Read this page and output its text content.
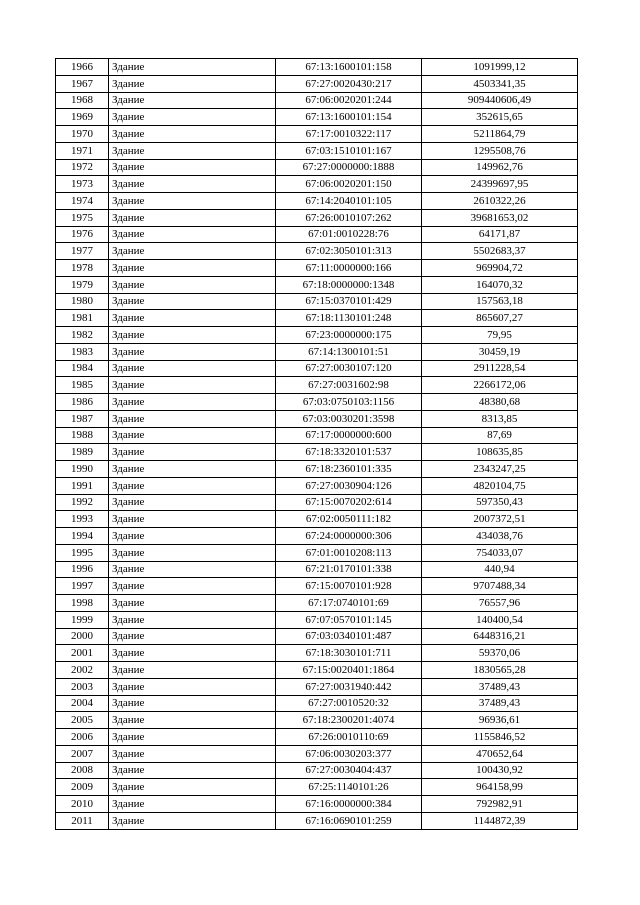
1966	Здание	67:13:1600101:158	1091999,12
1967	Здание	67:27:0020430:217	4503341,35
1968	Здание	67:06:0020201:244	909440606,49
1969	Здание	67:13:1600101:154	352615,65
1970	Здание	67:17:0010322:117	5211864,79
1971	Здание	67:03:1510101:167	1295508,76
1972	Здание	67:27:0000000:1888	149962,76
1973	Здание	67:06:0020201:150	24399697,95
1974	Здание	67:14:2040101:105	2610322,26
1975	Здание	67:26:0010107:262	39681653,02
1976	Здание	67:01:0010228:76	64171,87
1977	Здание	67:02:3050101:313	5502683,37
1978	Здание	67:11:0000000:166	969904,72
1979	Здание	67:18:0000000:1348	164070,32
1980	Здание	67:15:0370101:429	157563,18
1981	Здание	67:18:1130101:248	865607,27
1982	Здание	67:23:0000000:175	79,95
1983	Здание	67:14:1300101:51	30459,19
1984	Здание	67:27:0030107:120	2911228,54
1985	Здание	67:27:0031602:98	2266172,06
1986	Здание	67:03:0750103:1156	48380,68
1987	Здание	67:03:0030201:3598	8313,85
1988	Здание	67:17:0000000:600	87,69
1989	Здание	67:18:3320101:537	108635,85
1990	Здание	67:18:2360101:335	2343247,25
1991	Здание	67:27:0030904:126	4820104,75
1992	Здание	67:15:0070202:614	597350,43
1993	Здание	67:02:0050111:182	2007372,51
1994	Здание	67:24:0000000:306	434038,76
1995	Здание	67:01:0010208:113	754033,07
1996	Здание	67:21:0170101:338	440,94
1997	Здание	67:15:0070101:928	9707488,34
1998	Здание	67:17:0740101:69	76557,96
1999	Здание	67:07:0570101:145	140400,54
2000	Здание	67:03:0340101:487	6448316,21
2001	Здание	67:18:3030101:711	59370,06
2002	Здание	67:15:0020401:1864	1830565,28
2003	Здание	67:27:0031940:442	37489,43
2004	Здание	67:27:0010520:32	37489,43
2005	Здание	67:18:2300201:4074	96936,61
2006	Здание	67:26:0010110:69	1155846,52
2007	Здание	67:06:0030203:377	470652,64
2008	Здание	67:27:0030404:437	100430,92
2009	Здание	67:25:1140101:26	964158,99
2010	Здание	67:16:0000000:384	792982,91
2011	Здание	67:16:0690101:259	1144872,39
